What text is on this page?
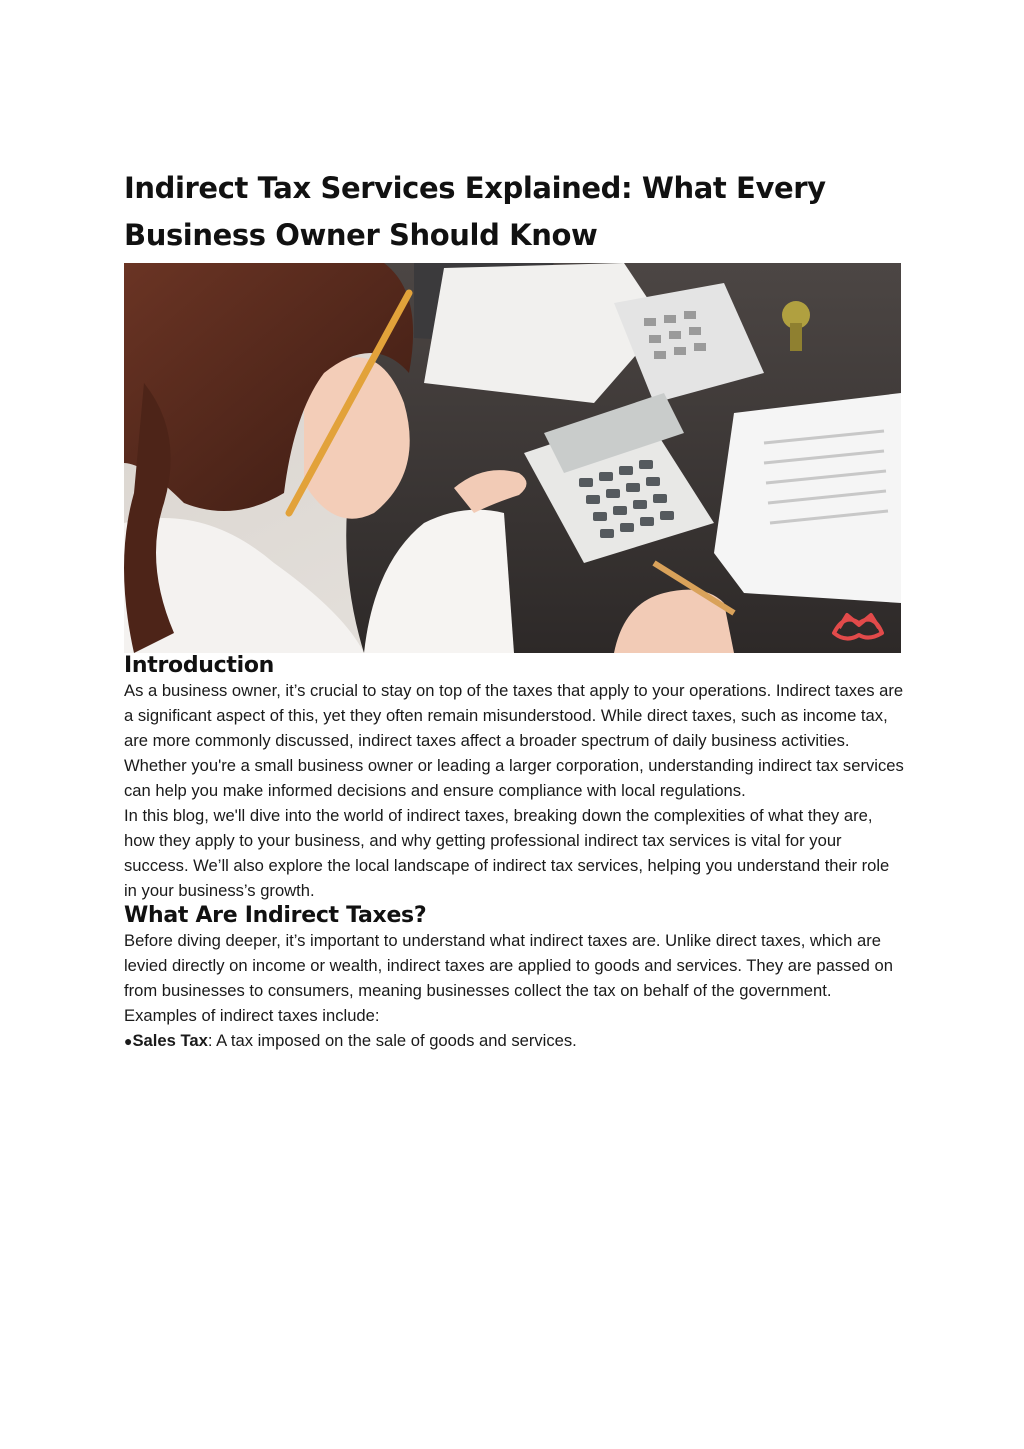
Indirect Tax Services Explained: What Every Business Owner Should Know
Introduction

As a business owner, it’s crucial to stay on top of the taxes that apply to your operations. Indirect taxes are a significant aspect of this, yet they often remain misunderstood. While direct taxes, such as income tax, are more commonly discussed, indirect taxes affect a broader spectrum of daily business activities. Whether you're a small business owner or leading a larger corporation, understanding indirect tax services can help you make informed decisions and ensure compliance with local regulations.

In this blog, we'll dive into the world of indirect taxes, breaking down the complexities of what they are, how they apply to your business, and why getting professional indirect tax services is vital for your success. We’ll also explore the local landscape of indirect tax services, helping you understand their role in your business’s growth.

What Are Indirect Taxes?

Before diving deeper, it’s important to understand what indirect taxes are. Unlike direct taxes, which are levied directly on income or wealth, indirect taxes are applied to goods and services. They are passed on from businesses to consumers, meaning businesses collect the tax on behalf of the government.

Examples of indirect taxes include:

●Sales Tax: A tax imposed on the sale of goods and services.
